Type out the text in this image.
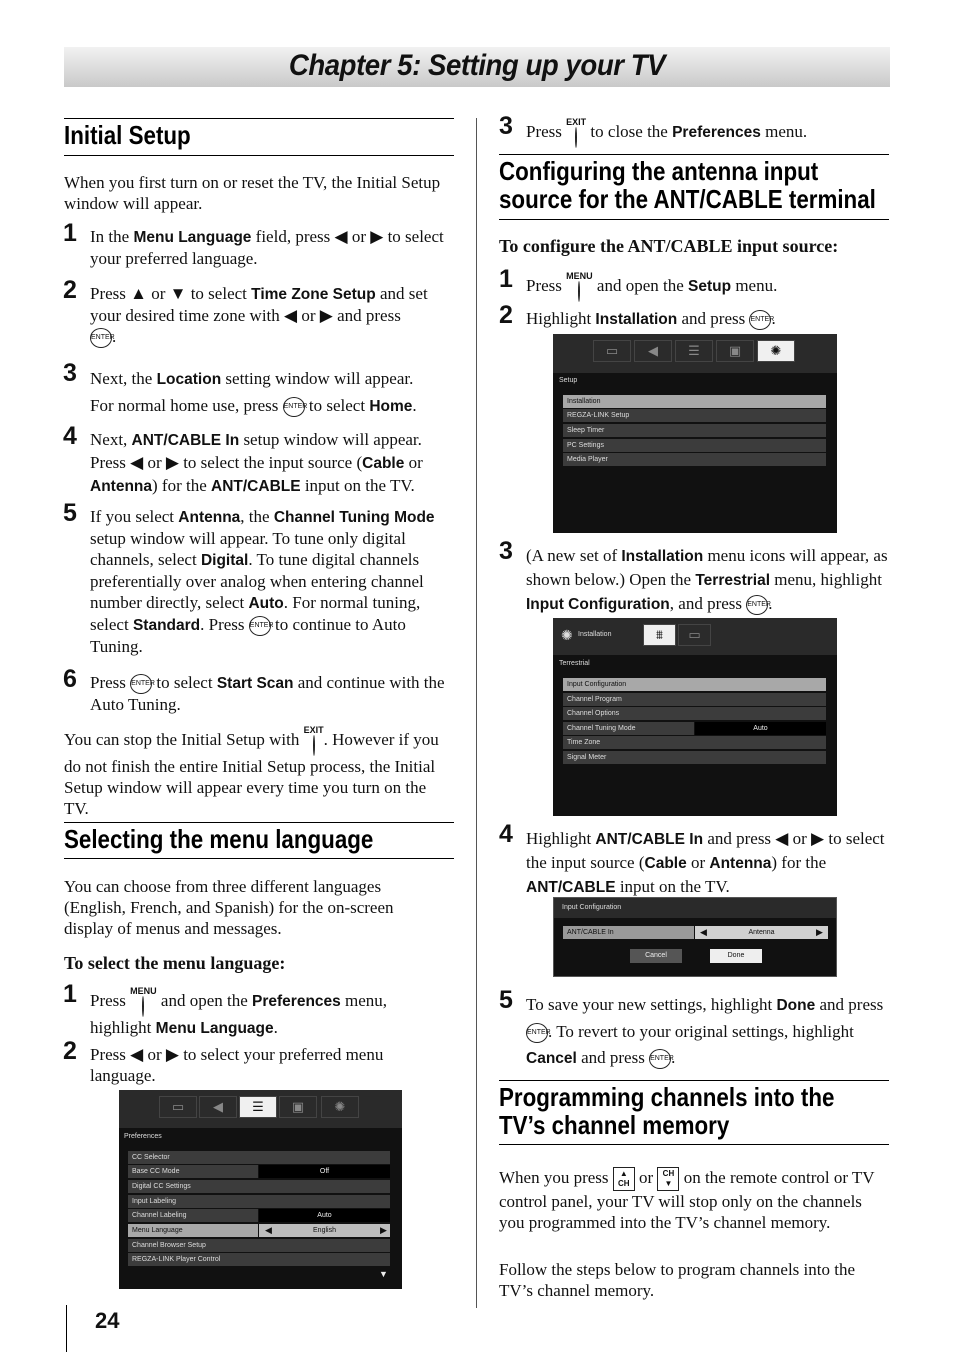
Chapter 5: Setting up your TV
Initial Setup
When you first turn on or reset the TV, the Initial Setup window will appear.
1 In the Menu Language field, press ◀ or ▶ to select your preferred language.
2 Press ▲ or ▼ to select Time Zone Setup and set your desired time zone with ◀ or ▶ and press
ENTER.
3 Next, the Location setting window will appear.
For normal home use, press ENTER to select Home.
4 Next, ANT/CABLE In setup window will appear.
Press ◀ or ▶ to select the input source (Cable or
Antenna) for the ANT/CABLE input on the TV.
5 If you select Antenna, the Channel Tuning Mode
setup window will appear. To tune only digital channels, select Digital. To tune digital channels preferentially over analog when entering channel number directly, select Auto. For normal tuning, select Standard. Press ENTER to continue to Auto Tuning.
6 Press ENTER to select Start Scan and continue with the Auto Tuning.
You can stop the Initial Setup with EXIT . However if you do not finish the entire Initial Setup process, the Initial Setup window will appear every time you turn on the TV.
Selecting the menu language
You can choose from three different languages (English, French, and Spanish) for the on-screen display of menus and messages.
To select the menu language:
1 Press MENU and open the Preferences menu,
highlight Menu Language.
2 Press ◀ or ▶ to select your preferred menu language.
▭	◀	☰	▣	✺
Preferences
CC Selector
Base CC Mode	Off
Digital CC Settings
Input Labeling
Channel Labeling	Auto
Menu Language	English
◀	▶
Channel Browser Setup
REGZA-LINK Player Control
▼
24
3 Press EXIT to close the Preferences menu.
Configuring the antenna input
source for the ANT/CABLE terminal
To configure the ANT/CABLE input source:
1 Press MENU and open the Setup menu.
2 Highlight Installation and press ENTER.
▭	◀	☰	▣	✺
Setup
Installation
REGZA-LINK Setup
Sleep Timer
PC Settings
Media Player
3 (A new set of Installation menu icons will appear, as shown below.) Open the Terrestrial menu, highlight Input Configuration, and press ENTER.
✺ Installation	⩩	▭
Terrestrial
Input Configuration
Channel Program
Channel Options
Channel Tuning Mode	Auto
Time Zone
Signal Meter
4 Highlight ANT/CABLE In and press ◀ or ▶ to select the input source (Cable or Antenna) for the ANT/CABLE input on the TV.
Input Configuration
ANT/CABLE In	Antenna
◀	▶
Cancel	Done
5 To save your new settings, highlight Done and press ENTER. To revert to your original settings, highlight Cancel and press ENTER.
Programming channels into the
TV’s channel memory
When you press ▲
CH or CH
▼ on the remote control or TV control panel, your TV will stop only on the channels you programmed into the TV’s channel memory.
Follow the steps below to program channels into the TV’s channel memory.
